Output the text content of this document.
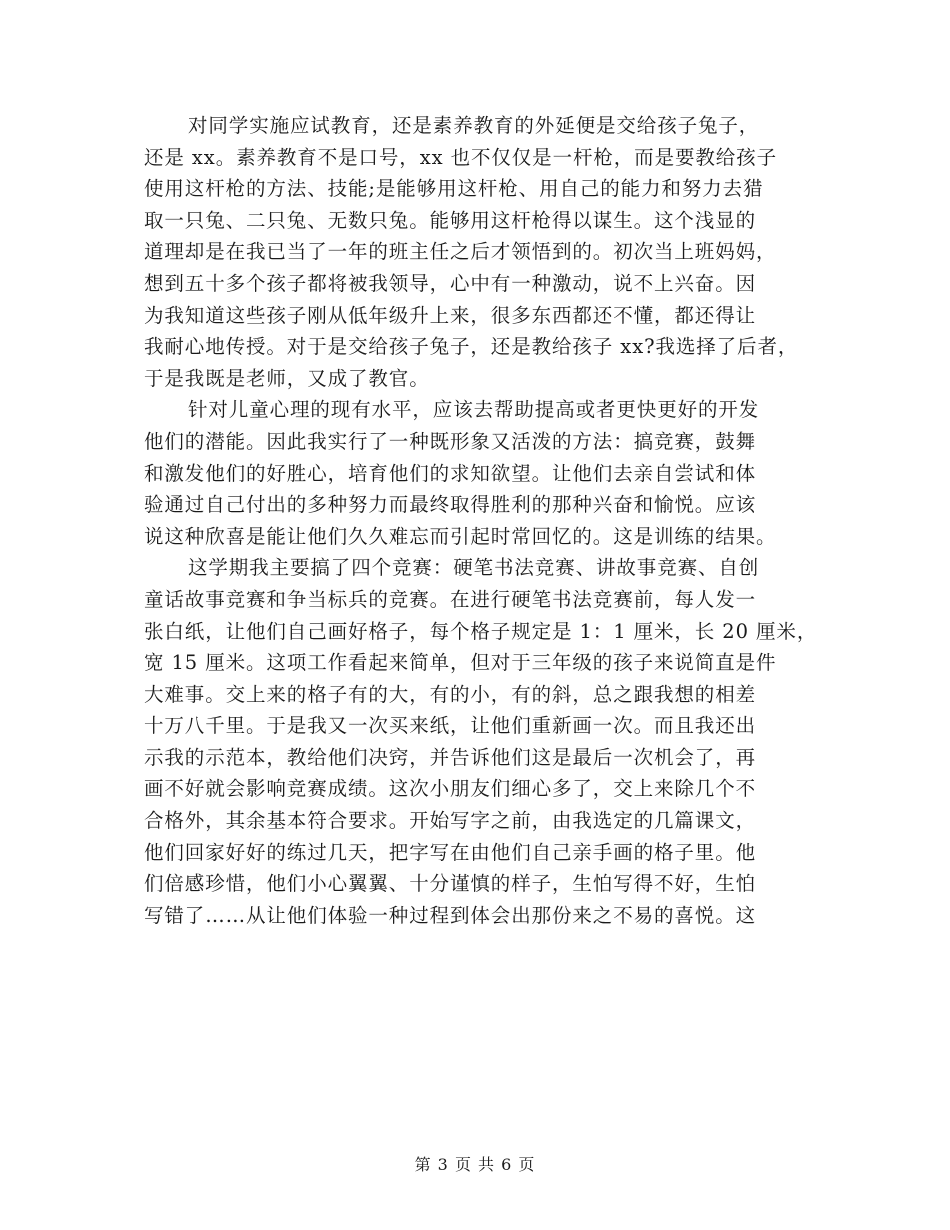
对同学实施应试教育，还是素养教育的外延便是交给孩子兔子，
还是 xx。素养教育不是口号，xx 也不仅仅是一杆枪，而是要教给孩子
使用这杆枪的方法、技能;是能够用这杆枪、用自己的能力和努力去猎
取一只兔、二只兔、无数只兔。能够用这杆枪得以谋生。这个浅显的
道理却是在我已当了一年的班主任之后才领悟到的。初次当上班妈妈，
想到五十多个孩子都将被我领导，心中有一种激动，说不上兴奋。因
为我知道这些孩子刚从低年级升上来，很多东西都还不懂，都还得让
我耐心地传授。对于是交给孩子兔子，还是教给孩子 xx?我选择了后者，
于是我既是老师，又成了教官。
针对儿童心理的现有水平，应该去帮助提高或者更快更好的开发
他们的潜能。因此我实行了一种既形象又活泼的方法：搞竞赛，鼓舞
和激发他们的好胜心，培育他们的求知欲望。让他们去亲自尝试和体
验通过自己付出的多种努力而最终取得胜利的那种兴奋和愉悦。应该
说这种欣喜是能让他们久久难忘而引起时常回忆的。这是训练的结果。
这学期我主要搞了四个竞赛：硬笔书法竞赛、讲故事竞赛、自创
童话故事竞赛和争当标兵的竞赛。在进行硬笔书法竞赛前，每人发一
张白纸，让他们自己画好格子，每个格子规定是 1：1 厘米，长 20 厘米，
宽 15 厘米。这项工作看起来简单，但对于三年级的孩子来说简直是件
大难事。交上来的格子有的大，有的小，有的斜，总之跟我想的相差
十万八千里。于是我又一次买来纸，让他们重新画一次。而且我还出
示我的示范本，教给他们决窍，并告诉他们这是最后一次机会了，再
画不好就会影响竞赛成绩。这次小朋友们细心多了，交上来除几个不
合格外，其余基本符合要求。开始写字之前，由我选定的几篇课文，
他们回家好好的练过几天，把字写在由他们自己亲手画的格子里。他
们倍感珍惜，他们小心翼翼、十分谨慎的样子，生怕写得不好，生怕
写错了……从让他们体验一种过程到体会出那份来之不易的喜悦。这
第 3 页 共 6 页
